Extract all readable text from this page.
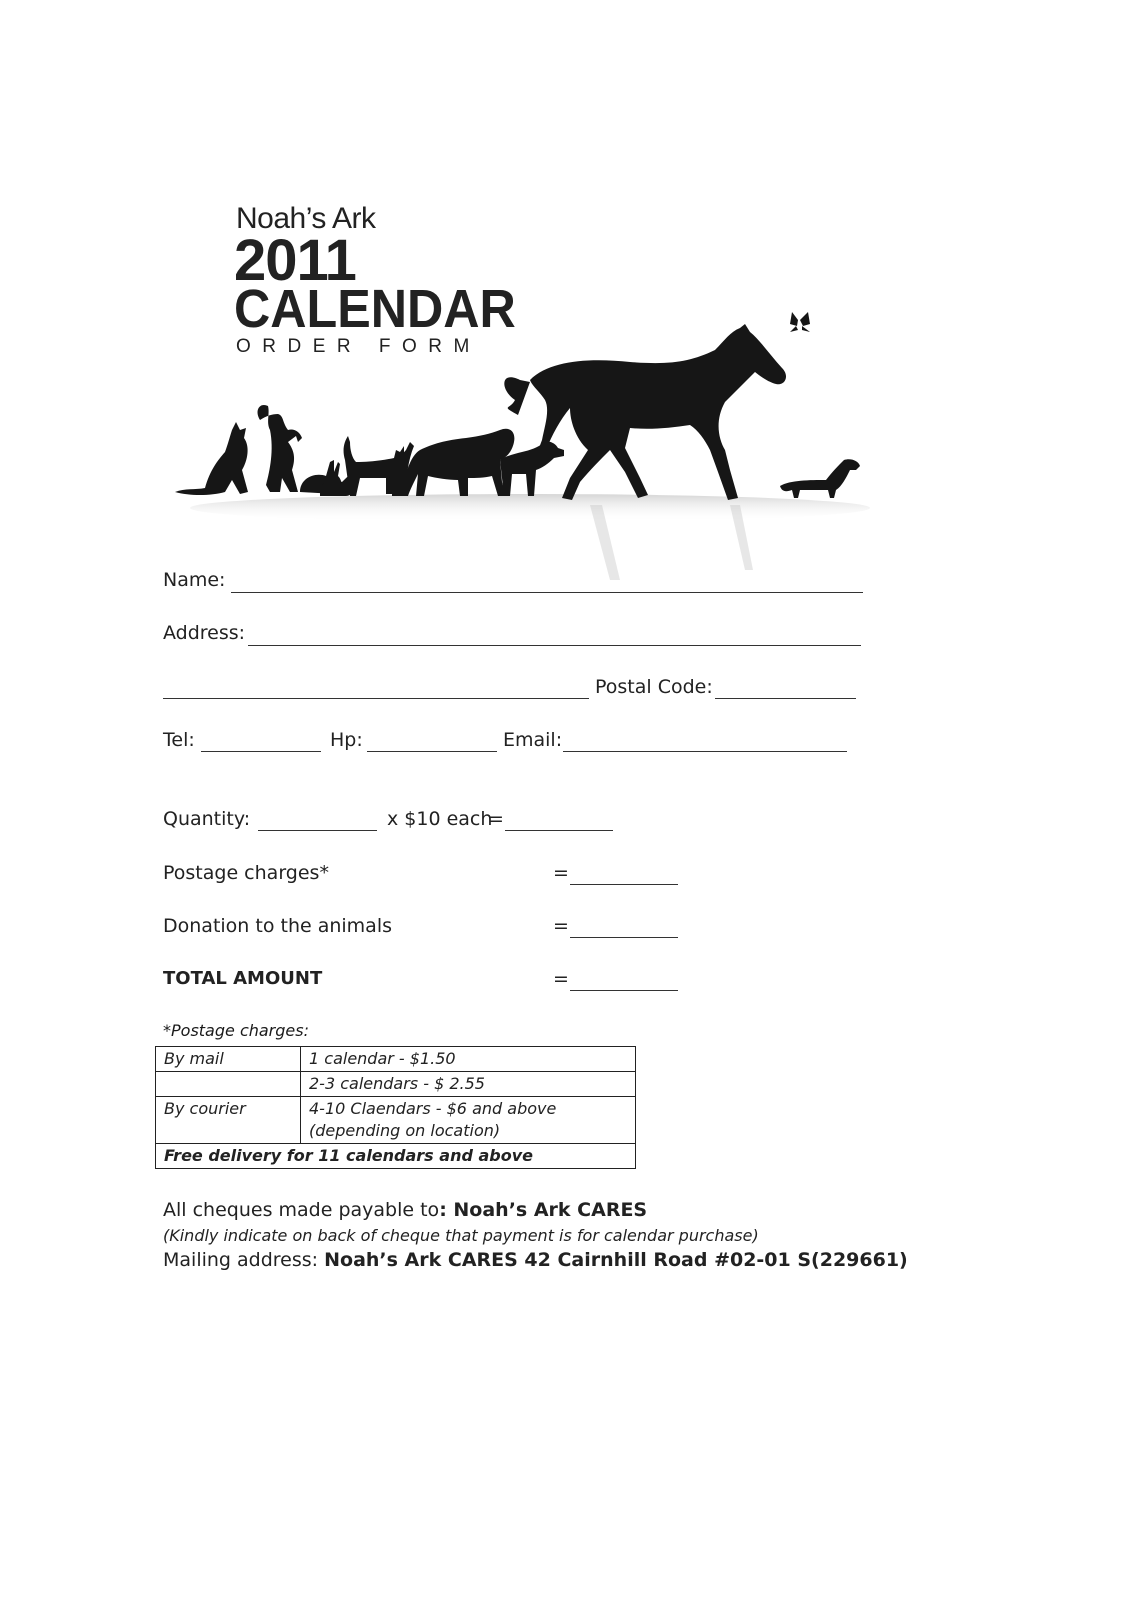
Noah’s Ark
2011
CALENDAR
ORDER FORM
Name:
Address:
Postal Code:
Tel:	Hp:	Email:
Quantity:	x $10 each
=
Postage charges*	=
Donation to the animals	=
TOTAL AMOUNT	=
*Postage charges:
By mail	1 calendar - $1.50
	2-3 calendars - $ 2.55
By courier	4-10 Claendars - $6 and above
(depending on location)

Free delivery for 11 calendars and above	
All cheques made payable to: Noah’s Ark CARES
(Kindly indicate on back of cheque that payment is for calendar purchase)
Mailing address: Noah’s Ark CARES 42 Cairnhill Road #02-01 S(229661)
